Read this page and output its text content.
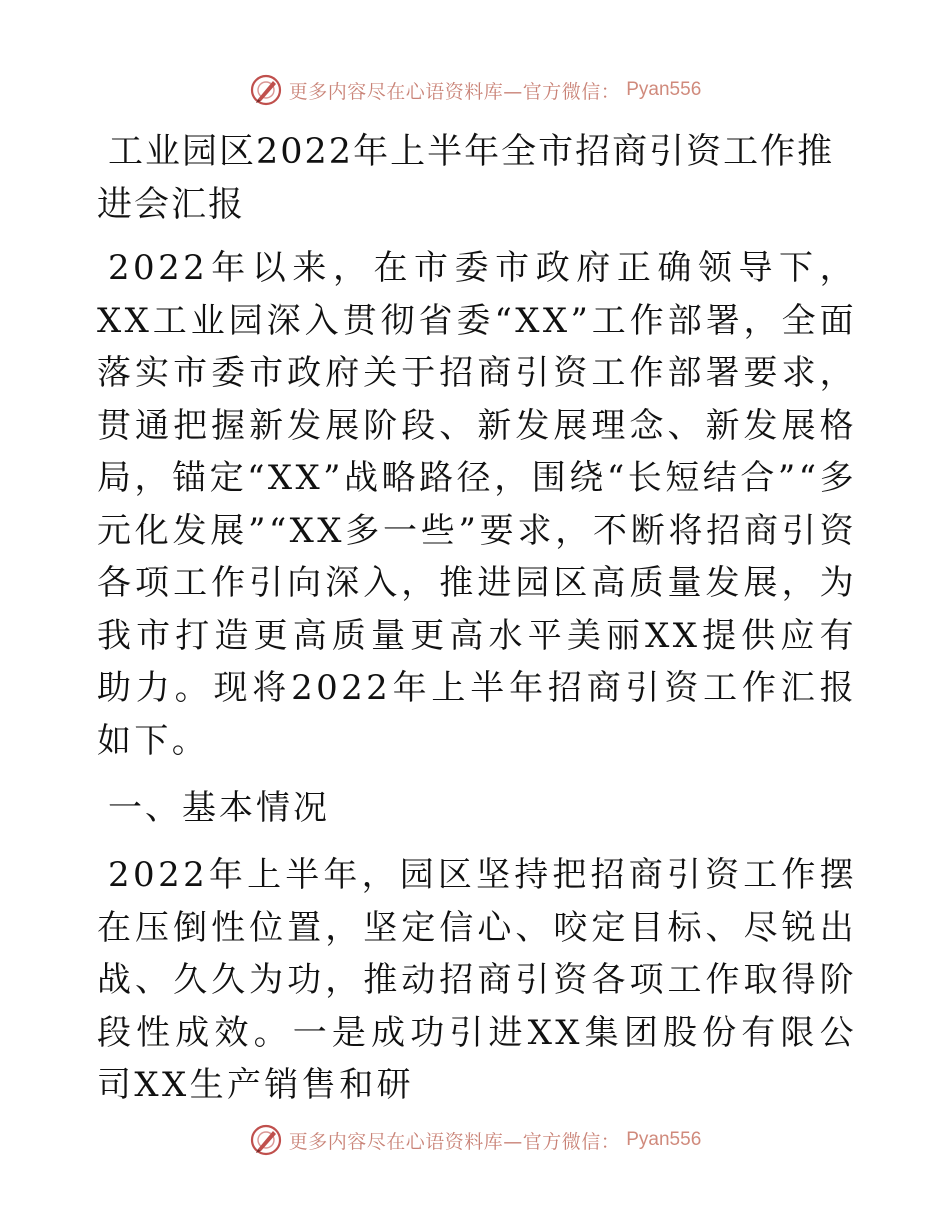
更多内容尽在心语资料库—官方微信： Pyan556
工业园区2022年上半年全市招商引资工作推进会汇报

2022年以来，在市委市政府正确领导下，XX工业园深入贯彻省委“XX”工作部署，全面落实市委市政府关于招商引资工作部署要求，贯通把握新发展阶段、新发展理念、新发展格局，锚定“XX”战略路径，围绕“长短结合”“多元化发展”“XX多一些”要求，不断将招商引资各项工作引向深入，推进园区高质量发展，为我市打造更高质量更高水平美丽XX提供应有助力。现将2022年上半年招商引资工作汇报如下。

一、基本情况

2022年上半年，园区坚持把招商引资工作摆在压倒性位置，坚定信心、咬定目标、尽锐出战、久久为功，推动招商引资各项工作取得阶段性成效。一是成功引进XX集团股份有限公司XX生产销售和研

更多内容尽在心语资料库—官方微信： Pyan556
